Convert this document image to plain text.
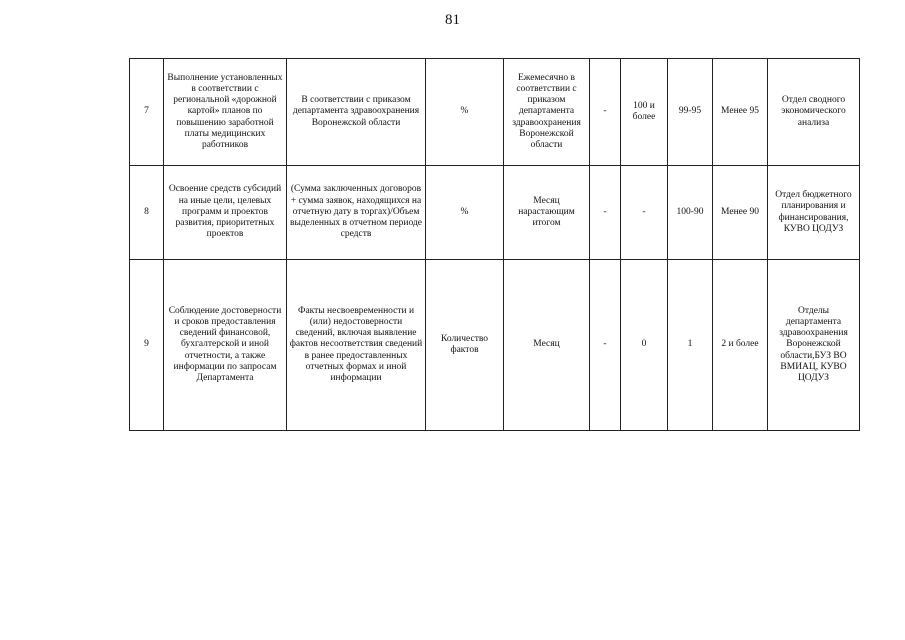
81
7	Выполнение установленных в соответствии с региональной «дорожной картой» планов по повышению заработной платы медицинских работников	В соответствии с приказом департамента здравоохранения Воронежской области	%	Ежемесячно в соответствии с приказом департамента здравоохранения Воронежской области	-	100 и более	99-95	Менее 95	Отдел сводного экономического анализа
8	Освоение средств субсидий на иные цели, целевых программ и проектов развития, приоритетных проектов	(Сумма заключенных договоров + сумма заявок, находящихся на отчетную дату в торгах)/Объем выделенных в отчетном периоде средств	%	Месяц нарастающим итогом	-	-	100-90	Менее 90	Отдел бюджетного планирования и финансирования, КУВО ЦОДУЗ
9	Соблюдение достоверности и сроков предоставления сведений финансовой, бухгалтерской и иной отчетности, а также информации по запросам Департамента	Факты несвоевременности и (или) недостоверности сведений, включая выявление фактов несоответствия сведений в ранее предоставленных отчетных формах и иной информации	Количество фактов	Месяц	-	0	1	2 и более	Отделы департамента здравоохранения Воронежской области,БУЗ ВО ВМИАЦ, КУВО ЦОДУЗ
